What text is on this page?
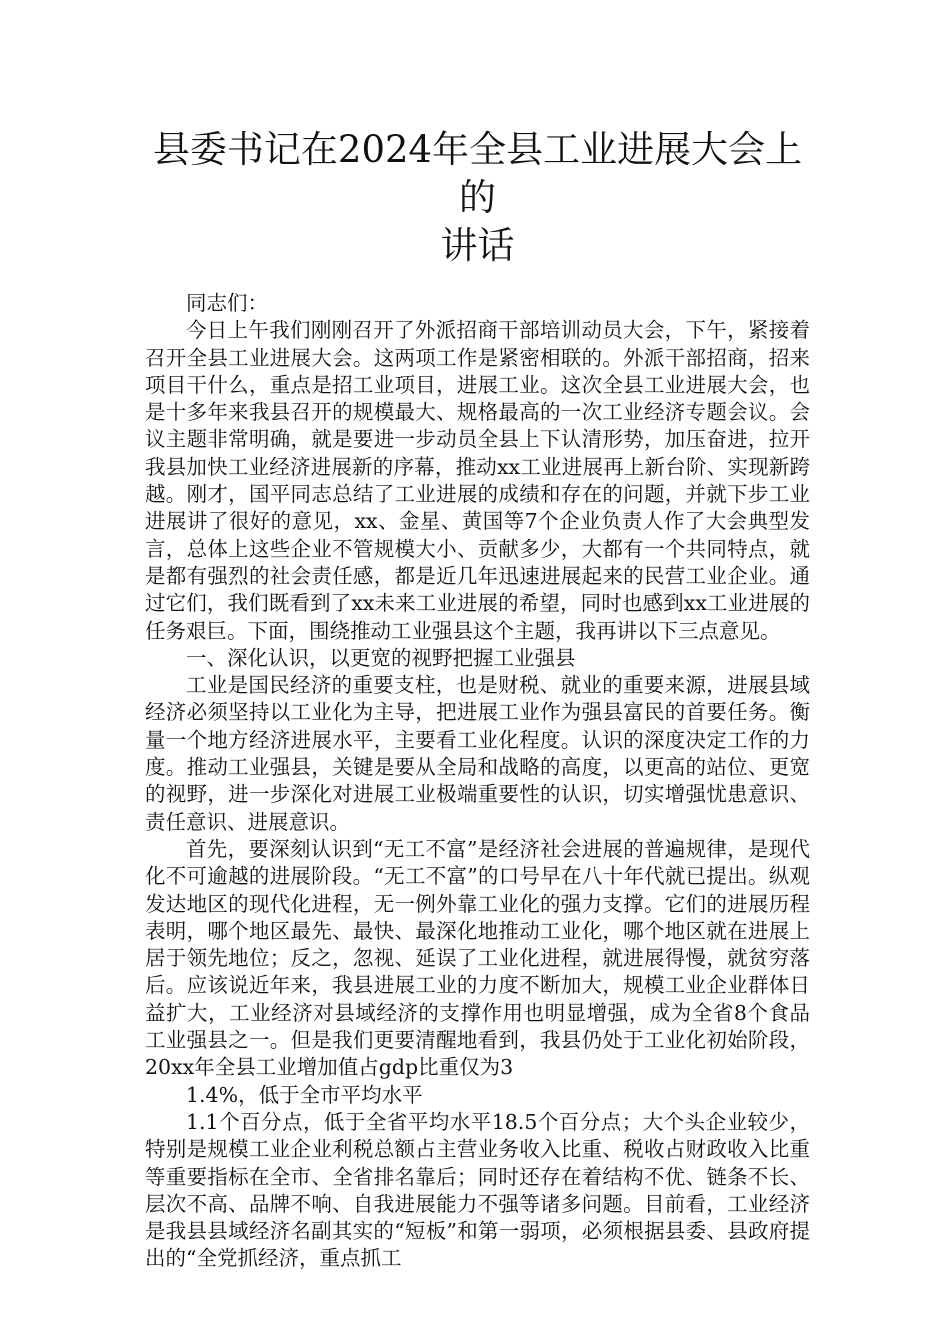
县委书记在2024年全县工业进展大会上的
讲话

同志们：

今日上午我们刚刚召开了外派招商干部培训动员大会，下午，紧接着召开全县工业进展大会。这两项工作是紧密相联的。外派干部招商，招来项目干什么，重点是招工业项目，进展工业。这次全县工业进展大会，也是十多年来我县召开的规模最大、规格最高的一次工业经济专题会议。会议主题非常明确，就是要进一步动员全县上下认清形势，加压奋进，拉开我县加快工业经济进展新的序幕，推动xx工业进展再上新台阶、实现新跨越。刚才，国平同志总结了工业进展的成绩和存在的问题，并就下步工业进展讲了很好的意见，xx、金星、黄国等7个企业负责人作了大会典型发言，总体上这些企业不管规模大小、贡献多少，大都有一个共同特点，就是都有强烈的社会责任感，都是近几年迅速进展起来的民营工业企业。通过它们，我们既看到了xx未来工业进展的希望，同时也感到xx工业进展的任务艰巨。下面，围绕推动工业强县这个主题，我再讲以下三点意见。

一、深化认识，以更宽的视野把握工业强县

工业是国民经济的重要支柱，也是财税、就业的重要来源，进展县域经济必须坚持以工业化为主导，把进展工业作为强县富民的首要任务。衡量一个地方经济进展水平，主要看工业化程度。认识的深度决定工作的力度。推动工业强县，关键是要从全局和战略的高度，以更高的站位、更宽的视野，进一步深化对进展工业极端重要性的认识，切实增强忧患意识、责任意识、进展意识。

首先，要深刻认识到“无工不富”是经济社会进展的普遍规律，是现代化不可逾越的进展阶段。“无工不富”的口号早在八十年代就已提出。纵观发达地区的现代化进程，无一例外靠工业化的强力支撑。它们的进展历程表明，哪个地区最先、最快、最深化地推动工业化，哪个地区就在进展上居于领先地位；反之，忽视、延误了工业化进程，就进展得慢，就贫穷落后。应该说近年来，我县进展工业的力度不断加大，规模工业企业群体日益扩大，工业经济对县域经济的支撑作用也明显增强，成为全省8个食品工业强县之一。但是我们更要清醒地看到，我县仍处于工业化初始阶段，20xx年全县工业增加值占gdp比重仅为3

1.4%，低于全市平均水平

1.1个百分点，低于全省平均水平18.5个百分点；大个头企业较少，特别是规模工业企业利税总额占主营业务收入比重、税收占财政收入比重等重要指标在全市、全省排名靠后；同时还存在着结构不优、链条不长、层次不高、品牌不响、自我进展能力不强等诸多问题。目前看，工业经济是我县县域经济名副其实的“短板”和第一弱项，必须根据县委、县政府提出的“全党抓经济，重点抓工
